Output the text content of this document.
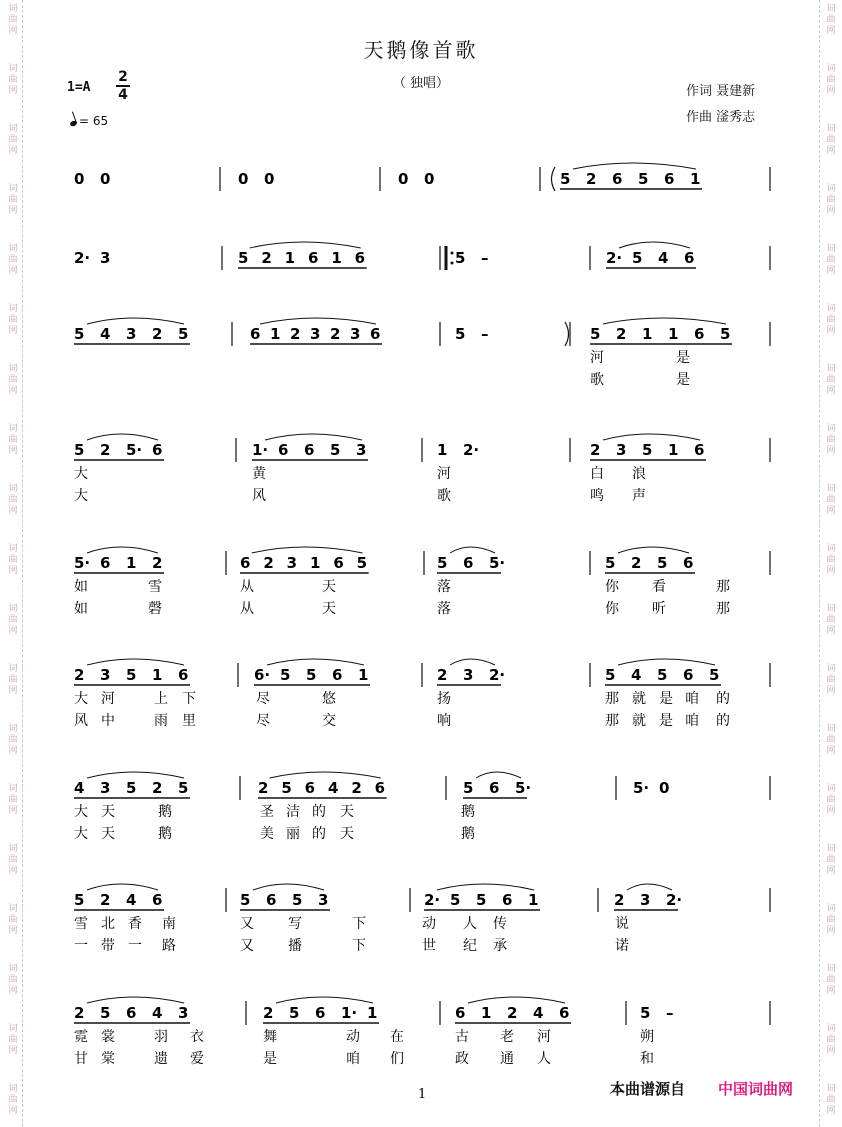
词
曲
网
词
曲
网
词
曲
网
词
曲
网
词
曲
网
词
曲
网
词
曲
网
词
曲
网
词
曲
网
词
曲
网
词
曲
网
词
曲
网
词
曲
网
词
曲
网
词
曲
网
词
曲
网
词
曲
网
词
曲
网
词
曲
网
词
曲
网
词
曲
网
词
曲
网
词
曲
网
词
曲
网
词
曲
网
词
曲
网
词
曲
网
词
曲
网
词
曲
网
词
曲
网
词
曲
网
词
曲
网
词
曲
网
词
曲
网
词
曲
网
词
曲
网
词
曲
网
词
曲
网
天鹅像首歌
（ 独唱）
1=A
2
4
= 65
作词 聂建新
作曲 滏秀志
0 0	0 0	0 0	5 2 6 5 6 1
2· 3	5 2 1 6 1 6	5 –	2· 5 4 6
5 4 3 2 5	6 1 2 3 2 3 6	5 –	5 2 1 1 6 5
河	是
歌	是
5 2 5· 6	1· 6 6 5 3	1 2·	2 3 5 1 6
大	黄	河	白 浪
大	风	歌	鸣 声
5· 6 1 2	6 2 3 1 6 5	5 6 5·	5 2 5 6
如	雪	从	天	落	你 看	那
如	磬	从	天	落	你 听	那
2 3 5 1 6	6· 5 5 6 1	2 3 2·	5 4 5 6 5
大 河	上 下	尽	悠	扬	那 就 是 咱 的
风 中	雨 里	尽	交	响	那 就 是 咱 的
4 3 5 2 5	2 5 6 4 2 6	5 6 5·	5· 0
大 天	鹅	圣 洁 的 天	鹅
大 天	鹅	美 丽 的 天	鹅
5 2 4 6	5 6 5 3	2· 5 5 6 1	2 3 2·
雪 北 香 南	又 写	下	动 人 传	说
一 带 一 路	又 播	下	世 纪 承	诺
2 5 6 4 3	2 5 6 1· 1	6 1 2 4 6	5 –
霓 裳	羽 衣	舞	动 在	古 老 河	朔
甘 棠	遗 爱	是	咱 们	政 通 人	和
1	本曲谱源自 中国词曲网
